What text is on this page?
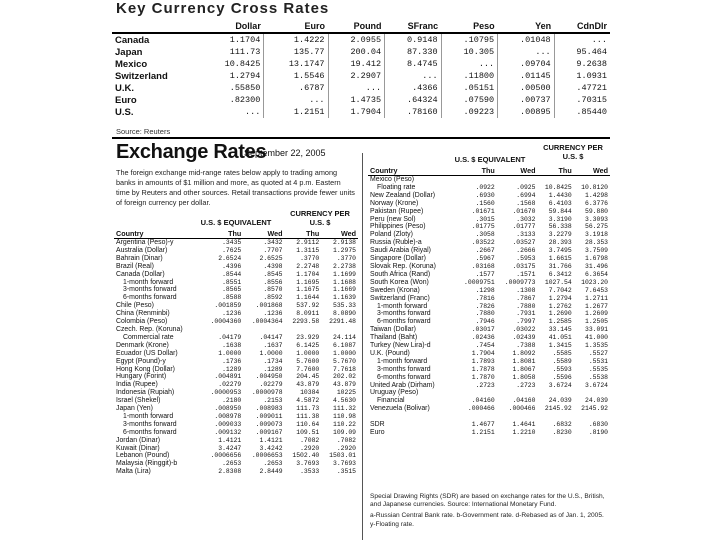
Key Currency Cross Rates
	Dollar	Euro	Pound	SFranc	Peso	Yen	CdnDlr
Canada	1.1704	1.4222	2.0955	0.9148	.10795	.01048	...
Japan	111.73	135.77	200.04	87.330	10.305	...	95.464
Mexico	10.8425	13.1747	19.412	8.4745	...	.09704	9.2638
Switzerland	1.2794	1.5546	2.2907	...	.11800	.01145	1.0931
U.K.	.55850	.6787	...	.4366	.05151	.00500	.47721
Euro	.82300	...	1.4735	.64324	.07590	.00737	.70315
U.S.	...	1.2151	1.7904	.78160	.09223	.00895	.85440
Source: Reuters
Exchange Rates
September 22, 2005
The foreign exchange mid-range rates below apply to trading among banks in amounts of $1 million and more, as quoted at 4 p.m. Eastern time by Reuters and other sources. Retail transactions provide fewer units of foreign currency per dollar.
U.S. $ EQUIVALENT
CURRENCY PER U.S. $
Country	Thu	Wed	Thu	Wed
Argentina (Peso)-y	.3435	.3432	2.9112	2.9138
Australia (Dollar)	.7625	.7707	1.3115	1.2975
Bahrain (Dinar)	2.6524	2.6525	.3770	.3770
Brazil (Real)	.4396	.4398	2.2748	2.2738
Canada (Dollar)	.8544	.8545	1.1704	1.1699
1-month forward	.8551	.8556	1.1695	1.1688
3-months forward	.8565	.8570	1.1675	1.1669
6-months forward	.8588	.8592	1.1644	1.1639
Chile (Peso)	.001859	.001868	537.92	535.33
China (Renminbi)	.1236	.1236	8.0911	8.0890
Colombia (Peso)	.0004360	.0004364	2293.58	2291.48
Czech. Rep. (Koruna)				
Commercial rate	.04179	.04147	23.929	24.114
Denmark (Krone)	.1638	.1637	6.1425	6.1087
Ecuador (US Dollar)	1.0000	1.0000	1.0000	1.0000
Egypt (Pound)-y	.1736	.1734	5.7600	5.7670
Hong Kong (Dollar)	.1289	.1289	7.7600	7.7618
Hungary (Forint)	.004891	.004950	204.45	202.02
India (Rupee)	.02279	.02279	43.879	43.879
Indonesia (Rupiah)	.0000953	.0000978	10384	10225
Israel (Shekel)	.2180	.2153	4.5872	4.5630
Japan (Yen)	.008950	.008983	111.73	111.32
1-month forward	.008978	.009011	111.38	110.98
3-months forward	.009033	.009073	110.64	110.22
6-months forward	.009132	.009167	109.51	109.09
Jordan (Dinar)	1.4121	1.4121	.7082	.7082
Kuwait (Dinar)	3.4247	3.4242	.2920	.2920
Lebanon (Pound)	.0006656	.0006653	1502.40	1503.01
Malaysia (Ringgit)-b	.2653	.2653	3.7693	3.7693
Malta (Lira)	2.8308	2.8449	.3533	.3515
U.S. $ EQUIVALENT
CURRENCY PER U.S. $
Country	Thu	Wed	Thu	Wed
Mexico (Peso)				
Floating rate	.0922	.0925	10.8425	10.8120
New Zealand (Dollar)	.6930	.6994	1.4430	1.4298
Norway (Krone)	.1560	.1568	6.4103	6.3776
Pakistan (Rupee)	.01671	.01670	59.844	59.880
Peru (new Sol)	.3015	.3032	3.3190	3.3093
Philippines (Peso)	.01775	.01777	56.338	56.275
Poland (Zloty)	.3058	.3133	3.2279	3.1918
Russia (Ruble)-a	.03522	.03527	28.393	28.353
Saudi Arabia (Riyal)	.2667	.2666	3.7495	3.7509
Singapore (Dollar)	.5967	.5953	1.6615	1.6798
Slovak Rep. (Koruna)	.03168	.03175	31.766	31.496
South Africa (Rand)	.1577	.1571	6.3412	6.3654
South Korea (Won)	.0009751	.0009773	1027.54	1023.20
Sweden (Krona)	.1298	.1308	7.7042	7.6453
Switzerland (Franc)	.7816	.7867	1.2794	1.2711
1-month forward	.7826	.7880	1.2762	1.2677
3-months forward	.7880	.7931	1.2690	1.2609
6-months forward	.7946	.7997	1.2585	1.2505
Taiwan (Dollar)	.03017	.03022	33.145	33.091
Thailand (Baht)	.02436	.02439	41.051	41.000
Turkey (New Lira)-d	.7454	.7388	1.3415	1.3535
U.K. (Pound)	1.7904	1.8092	.5585	.5527
1-month forward	1.7893	1.8081	.5589	.5531
3-months forward	1.7878	1.8067	.5593	.5535
6-months forward	1.7870	1.8058	.5596	.5538
United Arab (Dirham)	.2723	.2723	3.6724	3.6724
Uruguay (Peso)				
Financial	.04160	.04160	24.039	24.039
Venezuela (Bolivar)	.000466	.000466	2145.92	2145.92

SDR	1.4677	1.4641	.6832	.6830
Euro	1.2151	1.2210	.8230	.8190

Special Drawing Rights (SDR) are based on exchange rates for the U.S., British, and Japanese currencies. Source: International Monetary Fund.

a-Russian Central Bank rate. b-Government rate. d-Rebased as of Jan. 1, 2005. y-Floating rate.
